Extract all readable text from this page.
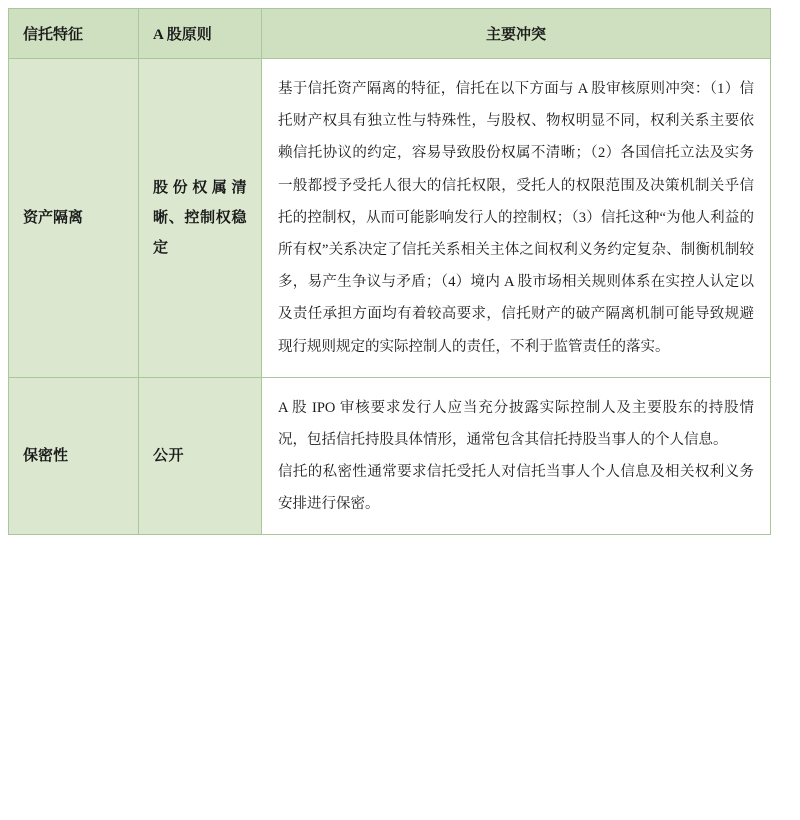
信托特征	A 股原则	主要冲突
资产隔离	股份权属清晰、控制权稳定	基于信托资产隔离的特征，信托在以下方面与 A 股审核原则冲突：（1）信托财产权具有独立性与特殊性，与股权、物权明显不同，权利关系主要依赖信托协议的约定，容易导致股份权属不清晰；（2）各国信托立法及实务一般都授予受托人很大的信托权限，受托人的权限范围及决策机制关乎信托的控制权，从而可能影响发行人的控制权；（3）信托这种“为他人利益的所有权”关系决定了信托关系相关主体之间权利义务约定复杂、制衡机制较多，易产生争议与矛盾；（4）境内 A 股市场相关规则体系在实控人认定以及责任承担方面均有着较高要求，信托财产的破产隔离机制可能导致规避现行规则规定的实际控制人的责任，不利于监管责任的落实。

保密性	公开	A 股 IPO 审核要求发行人应当充分披露实际控制人及主要股东的持股情况，包括信托持股具体情形，通常包含其信托持股当事人的个人信息。

信托的私密性通常要求信托受托人对信托当事人个人信息及相关权利义务安排进行保密。
